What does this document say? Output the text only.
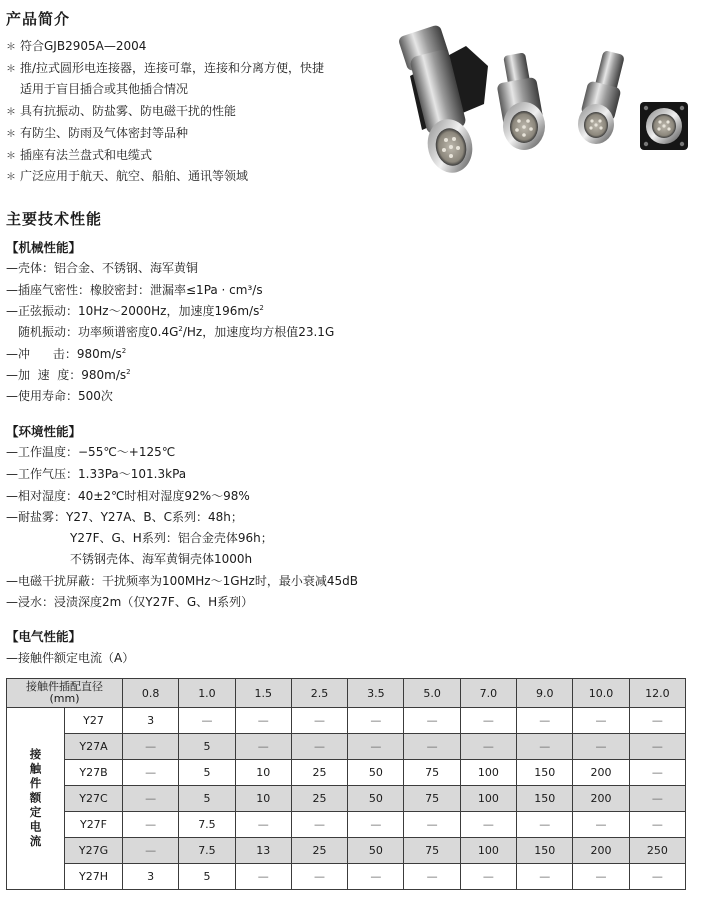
产品简介
＊ 符合GJB2905A—2004
＊ 推/拉式圆形电连接器，连接可靠，连接和分离方便，快捷
适用于盲目插合或其他插合情况
＊ 具有抗振动、防盐雾、防电磁干扰的性能
＊ 有防尘、防雨及气体密封等品种
＊ 插座有法兰盘式和电缆式
＊ 广泛应用于航天、航空、船舶、通讯等领域
主要技术性能
【机械性能】
—壳体：铝合金、不锈钢、海军黄铜
—插座气密性：橡胶密封：泄漏率≤1Pa · cm³/s
—正弦振动：10Hz～2000Hz，加速度$196m/s^2$
随机振动：功率频谱密度$0.4G^2/Hz$，加速度均方根值23.1G
—冲      击：$980m/s^2$
—加  速  度：$980m/s^2$
—使用寿命：500次
【环境性能】
—工作温度：−55℃～+125℃
—工作气压：1.33Pa～101.3kPa
—相对湿度：40±2℃时相对湿度92%～98%
—耐盐雾：Y27、Y27A、B、C系列：48h；
Y27F、G、H系列：铝合金壳体96h；
不锈钢壳体、海军黄铜壳体1000h
—电磁干扰屏蔽：干扰频率为100MHz～1GHz时，最小衰减45dB
—浸水：浸渍深度2m（仅Y27F、G、H系列）
【电气性能】
—接触件额定电流（A）
接触件插配直径
(mm)		0.8	1.0	1.5	2.5	3.5	5.0	7.0	9.0	10.0	12.0
接触件额定电流	Y27	3	—	—	—	—	—	—	—	—	—
	Y27A	—	5	—	—	—	—	—	—	—	—
	Y27B	—	5	10	25	50	75	100	150	200	—
	Y27C	—	5	10	25	50	75	100	150	200	—
	Y27F	—	7.5	—	—	—	—	—	—	—	—
	Y27G	—	7.5	13	25	50	75	100	150	200	250
	Y27H	3	5	—	—	—	—	—	—	—	—
